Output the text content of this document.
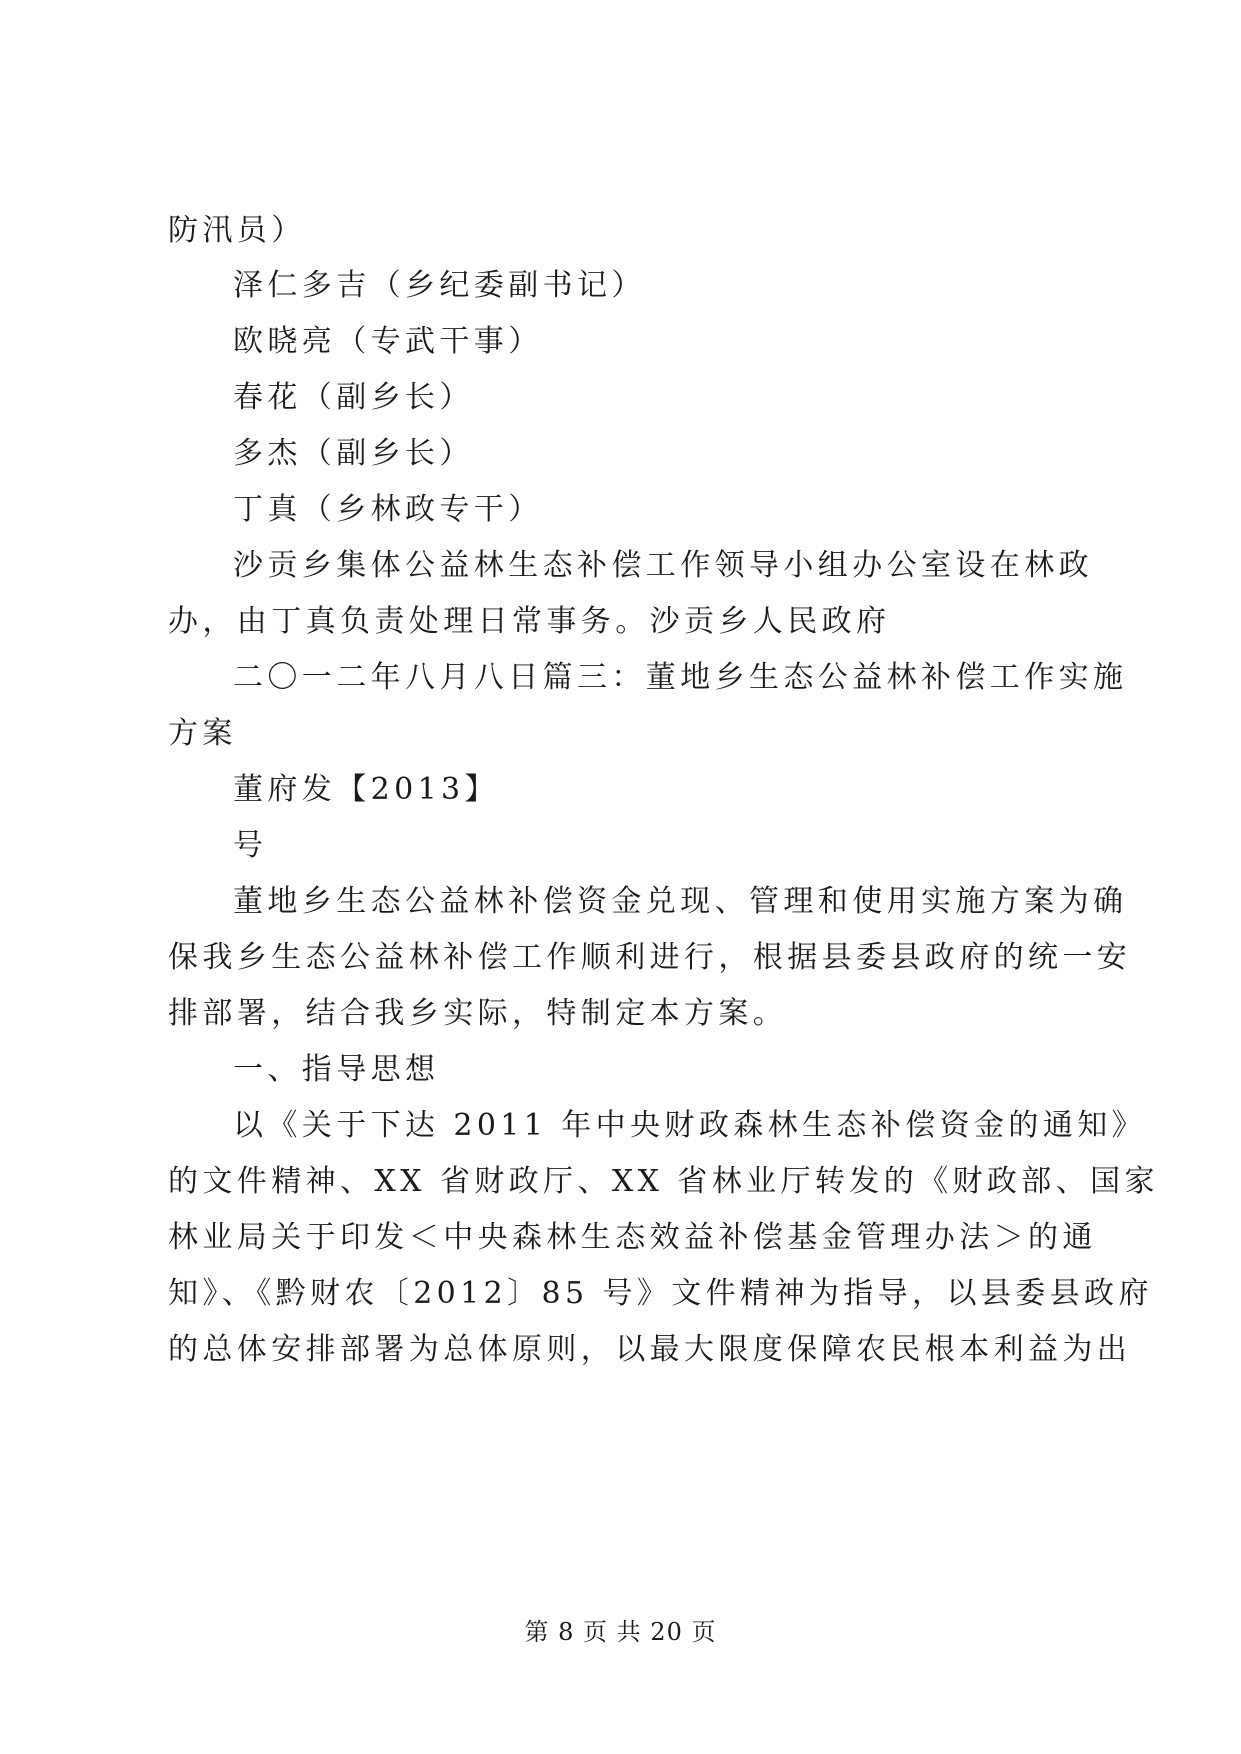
防汛员）

泽仁多吉（乡纪委副书记）

欧晓亮（专武干事）

春花（副乡长）

多杰（副乡长）

丁真（乡林政专干）

沙贡乡集体公益林生态补偿工作领导小组办公室设在林政

办，由丁真负责处理日常事务。沙贡乡人民政府

二〇一二年八月八日篇三：董地乡生态公益林补偿工作实施

方案

董府发【2013】

号

董地乡生态公益林补偿资金兑现、管理和使用实施方案为确

保我乡生态公益林补偿工作顺利进行，根据县委县政府的统一安

排部署，结合我乡实际，特制定本方案。

一、指导思想

以《关于下达 2011 年中央财政森林生态补偿资金的通知》

的文件精神、XX 省财政厅、XX 省林业厅转发的《财政部、国家

林业局关于印发＜中央森林生态效益补偿基金管理办法＞的通

知》、《黔财农〔2012〕85 号》文件精神为指导，以县委县政府

的总体安排部署为总体原则，以最大限度保障农民根本利益为出

第 8 页 共 20 页
